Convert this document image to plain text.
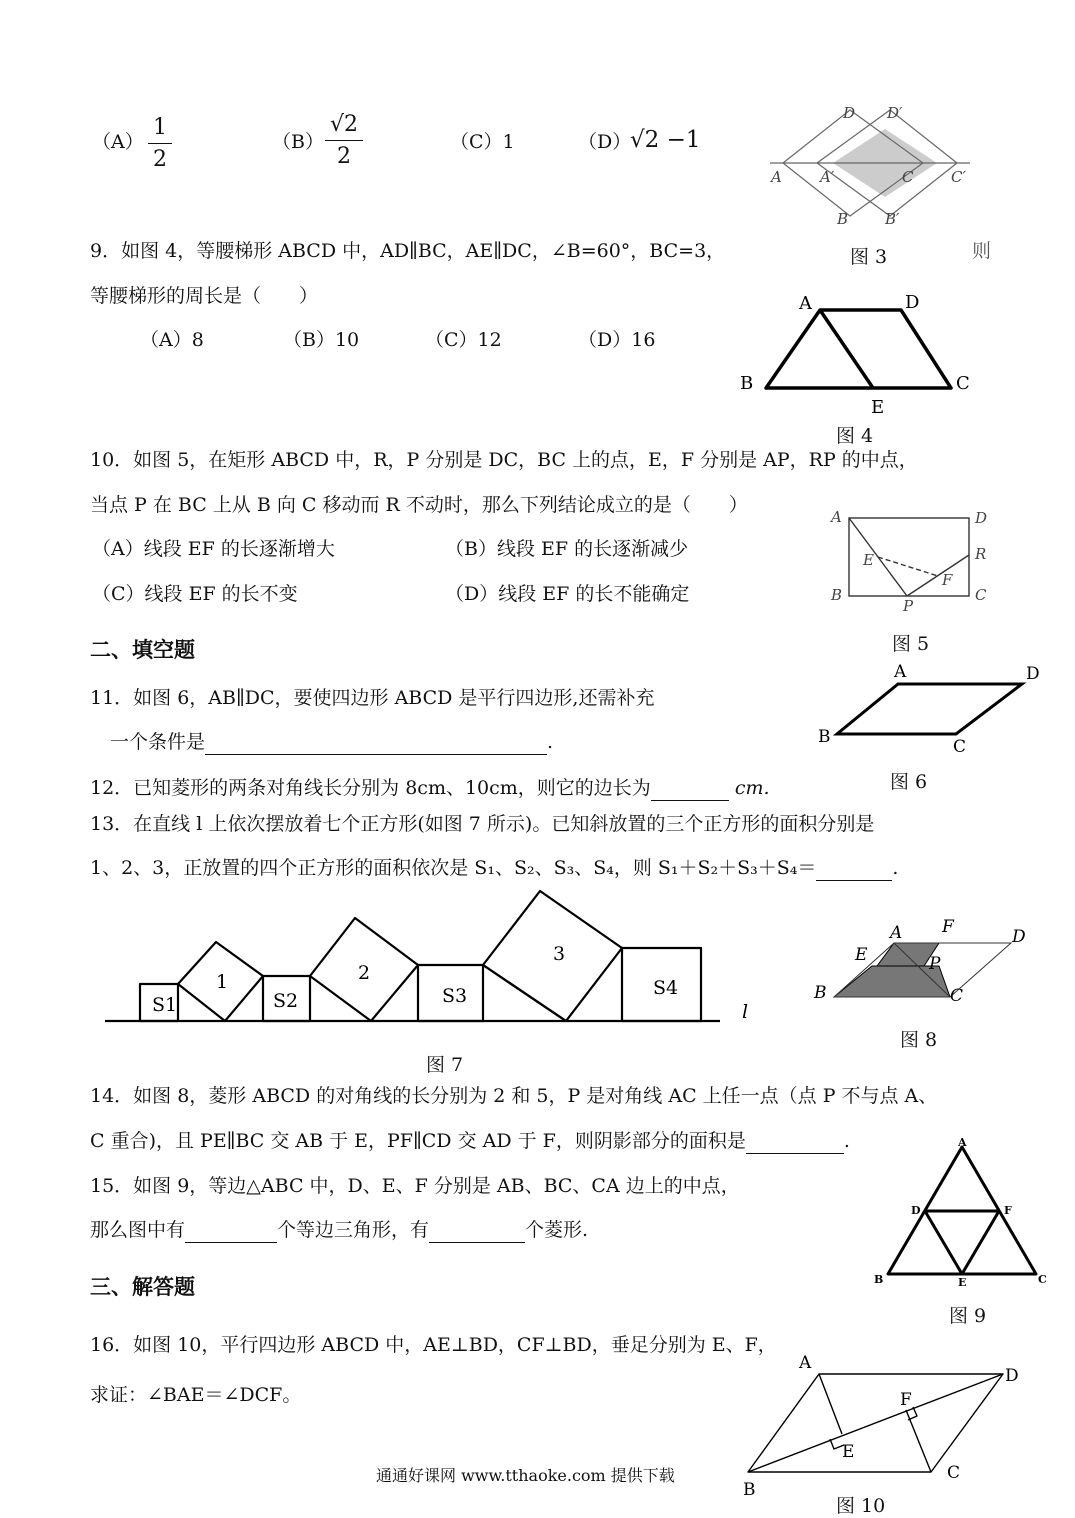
（A）
1
2
（B）
√2
2
（C）1	（D）
√2 −1
D D′
A	A′	C	C′
B B′
图 3	则
9．如图 4，等腰梯形 ABCD 中，AD∥BC，AE∥DC，∠B=60°，BC=3，
等腰梯形的周长是（　　）
（A）8	（B）10	（C）12	（D）16
A	D
B
E
C
图 4
10．如图 5，在矩形 ABCD 中，R，P 分别是 DC，BC 上的点，E，F 分别是 AP，RP 的中点，
当点 P 在 BC 上从 B 向 C 移动而 R 不动时，那么下列结论成立的是（　　）
（A）线段 EF 的长逐渐增大	（B）线段 EF 的长逐渐减少
（C）线段 EF 的长不变	（D）线段 EF 的长不能确定
A	D
R
E
F
B
P
C
图 5
二、填空题
11．如图 6，AB∥DC，要使四边形 ABCD 是平行四边形,还需补充
一个条件是	.
A	D
B	C
图 6
12．已知菱形的两条对角线长分别为 8cm、10cm，则它的边长为	cm.
13．在直线 l 上依次摆放着七个正方形(如图 7 所示)。已知斜放置的三个正方形的面积分别是
1、2、3，正放置的四个正方形的面积依次是 S₁、S₂、S₃、S₄，则 S₁＋S₂＋S₃＋S₄＝	.
S1
1
S2
2
S3
3
S4
l
图 7
A F	D
E	P
B	C
图 8
14．如图 8，菱形 ABCD 的对角线的长分别为 2 和 5，P 是对角线 AC 上任一点（点 P 不与点 A、
C 重合)，且 PE∥BC 交 AB 于 E，PF∥CD 交 AD 于 F，则阴影部分的面积是	.
15．如图 9，等边△ABC 中，D、E、F 分别是 AB、BC、CA 边上的中点，
那么图中有	个等边三角形，有	个菱形.
A
D	F
B	E	C
图 9
三、解答题
16．如图 10，平行四边形 ABCD 中，AE⊥BD，CF⊥BD，垂足分别为 E、F，
求证：∠BAE＝∠DCF。
A
D
F
E
B
C
图 10
通通好课网 www.tthaoke.com 提供下载
